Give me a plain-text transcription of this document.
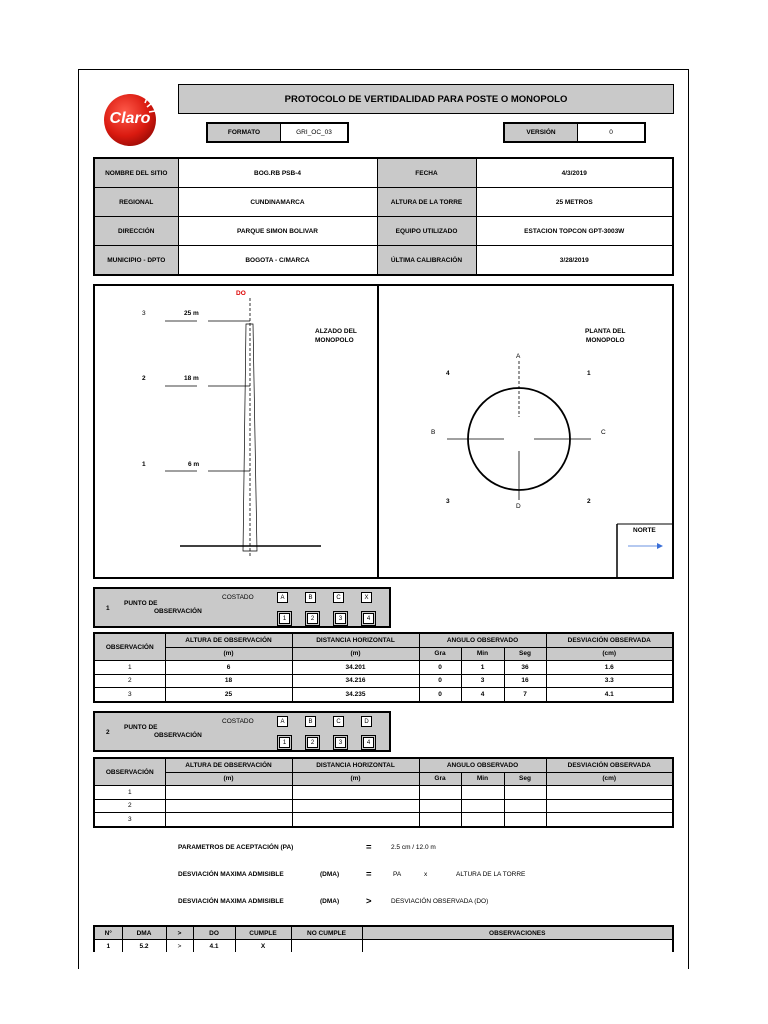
Claro
PROTOCOLO DE VERTIDALIDAD PARA POSTE O MONOPOLO
FORMATO	GRI_OC_03	VERSIÓN	0
NOMBRE DEL SITIO	BOG.RB PSB-4	FECHA	4/3/2019
REGIONAL	CUNDINAMARCA	ALTURA DE LA TORRE	25 METROS
DIRECCIÓN	PARQUE SIMON BOLIVAR	EQUIPO UTILIZADO	ESTACION TOPCON GPT-3003W
MUNICIPIO - DPTO	BOGOTA - C/MARCA	ÚLTIMA CALIBRACIÓN	3/28/2019
DO
3	25 m
2	18 m
1	6 m
ALZADO DEL
MONOPOLO
PLANTA DEL
MONOPOLO
A
B	C
D
4	1
3	2
NORTE
1
PUNTO DE
OBSERVACIÓN
COSTADO	A	B	C	X
1	2	3	4
OBSERVACIÓN	ALTURA DE OBSERVACIÓN	DISTANCIA HORIZONTAL	ANGULO OBSERVADO			DESVIACIÓN OBSERVADA
	(m)	(m)	Gra	Min	Seg	(cm)
1	6	34.201	0	1	36	1.6
2	18	34.216	0	3	16	3.3
3	25	34.235	0	4	7	4.1
2
PUNTO DE
OBSERVACIÓN
COSTADO	A	B	C	D
1	2	3	4
OBSERVACIÓN	ALTURA DE OBSERVACIÓN	DISTANCIA HORIZONTAL	ANGULO OBSERVADO			DESVIACIÓN OBSERVADA
	(m)	(m)	Gra	Min	Seg	(cm)
1						
2						
3						
PARAMETROS DE ACEPTACIÓN (PA)	=	2.5 cm / 12.0 m
DESVIACIÓN MAXIMA ADMISIBLE	(DMA)	=	PA	x	ALTURA DE LA TORRE
DESVIACIÓN MAXIMA ADMISIBLE	(DMA)	>	DESVIACIÓN OBSERVADA (DO)
N°	DMA	>	DO	CUMPLE	NO CUMPLE	OBSERVACIONES
1	5.2	>	4.1	X		
